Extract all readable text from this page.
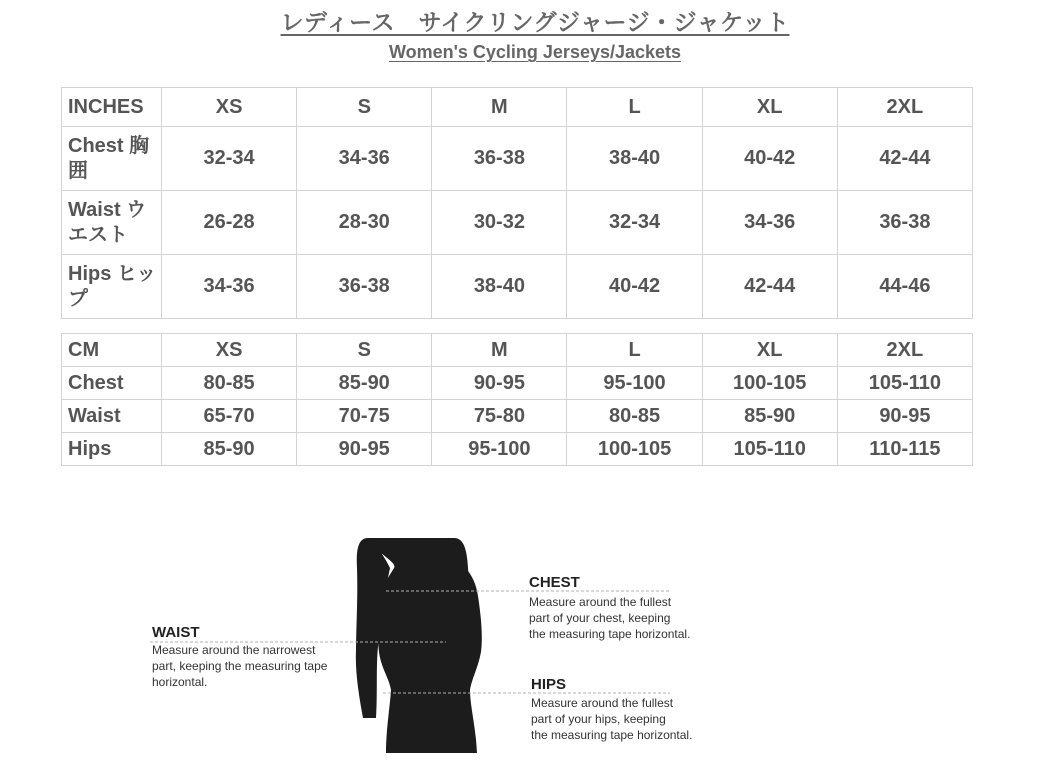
レディース　サイクリングジャージ・ジャケット
Women's Cycling Jerseys/Jackets
INCHES	XS	S	M	L	XL	2XL
Chest 胸囲	32-34	34-36	36-38	38-40	40-42	42-44
Waist ウエスト	26-28	28-30	30-32	32-34	34-36	36-38
Hips ヒップ	34-36	36-38	38-40	40-42	42-44	44-46
CM	XS	S	M	L	XL	2XL
Chest	80-85	85-90	90-95	95-100	100-105	105-110
Waist	65-70	70-75	75-80	80-85	85-90	90-95
Hips	85-90	90-95	95-100	100-105	105-110	110-115
CHEST
Measure around the fullest
part of your chest, keeping
the measuring tape horizontal.
WAIST
Measure around the narrowest
part, keeping the measuring tape
horizontal.	HIPS
Measure around the fullest
part of your hips, keeping
the measuring tape horizontal.
